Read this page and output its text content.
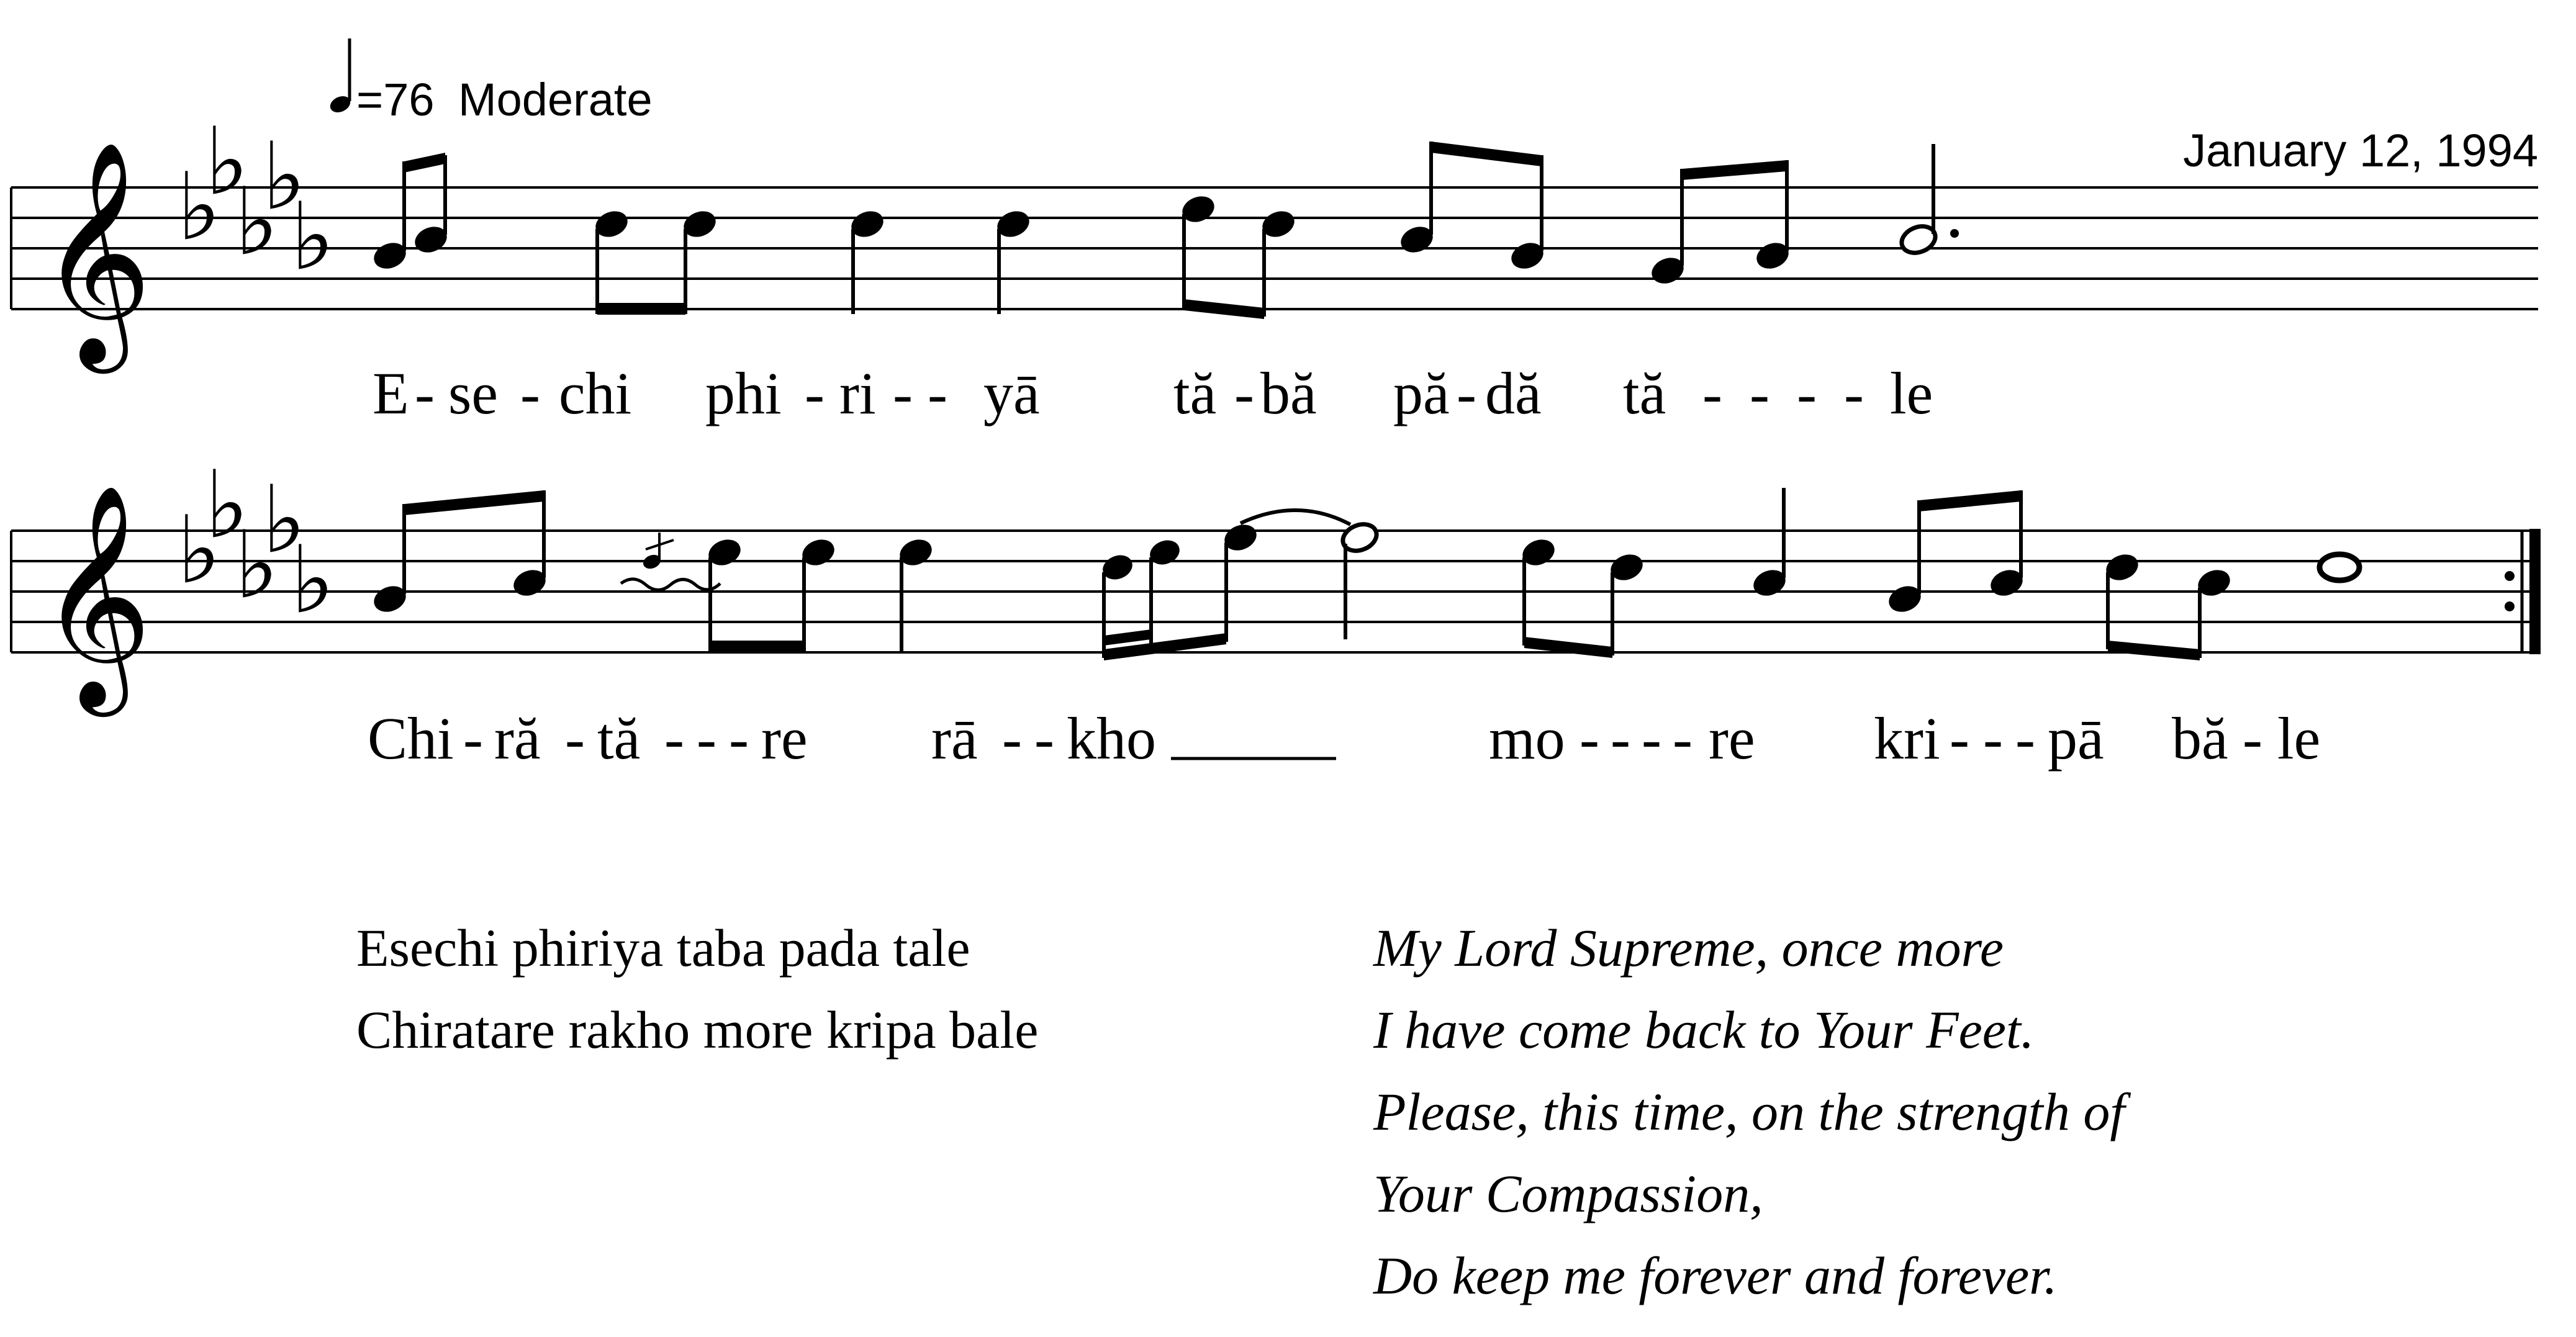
=76 Moderate
January 12, 1994
𝄞 ♭
♭
♭
♭
♭
E - se - chi phi - ri - - yā tă - bă pă - dă tă - - - - le
𝄞 ♭
♭
♭
♭
♭
Chi - ră - tă - - - re rā - - kho	mo - - - - re kri - - - pā bă - le
Esechi phiriya taba pada tale
Chiratare rakho more kripa bale
My Lord Supreme, once more
I have come back to Your Feet.
Please, this time, on the strength of
Your Compassion,
Do keep me forever and forever.
